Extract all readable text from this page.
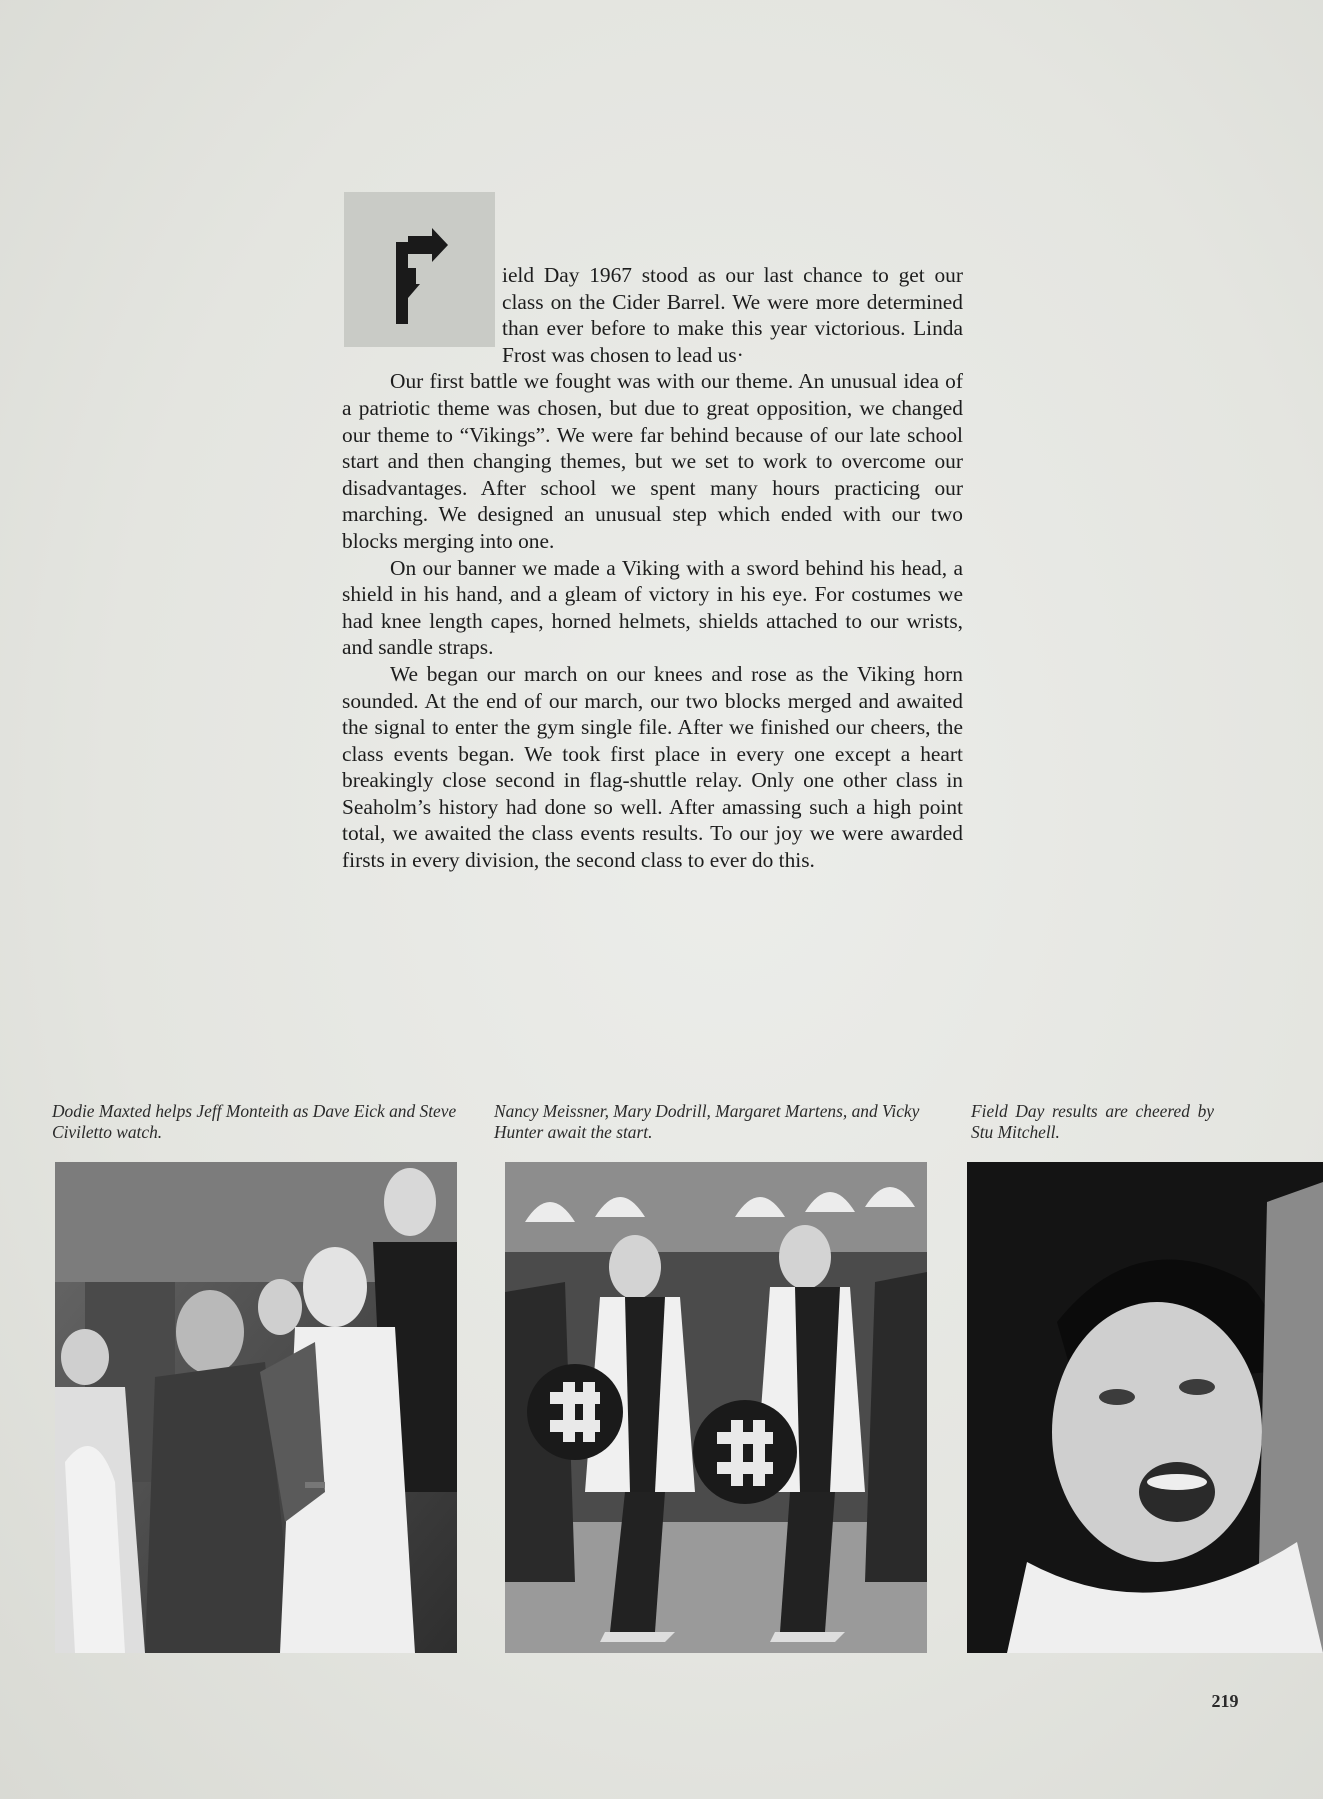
ield Day 1967 stood as our last chance to get our class on the Cider Barrel. We were more determined than ever before to make this year victorious. Linda Frost was chosen to lead us·

Our first battle we fought was with our theme. An unusual idea of a patriotic theme was chosen, but due to great opposition, we changed our theme to “Vikings”. We were far behind because of our late school start and then changing themes, but we set to work to overcome our disadvantages. After school we spent many hours practicing our marching. We designed an unusual step which ended with our two blocks merging into one.

On our banner we made a Viking with a sword behind his head, a shield in his hand, and a gleam of victory in his eye. For costumes we had knee length capes, horned helmets, shields attached to our wrists, and sandle straps.

We began our march on our knees and rose as the Viking horn sounded. At the end of our march, our two blocks merged and awaited the signal to enter the gym single file. After we finished our cheers, the class events began. We took first place in every one except a heart breakingly close second in flag-shuttle relay. Only one other class in Seaholm’s history had done so well. After amassing such a high point total, we awaited the class events results. To our joy we were awarded firsts in every division, the second class to ever do this.

Dodie Maxted helps Jeff Monteith as Dave Eick and Steve Civiletto watch.
Nancy Meissner, Mary Dodrill, Margaret Martens, and Vicky Hunter await the start.
Field Day results are cheered by Stu Mitchell.
219
